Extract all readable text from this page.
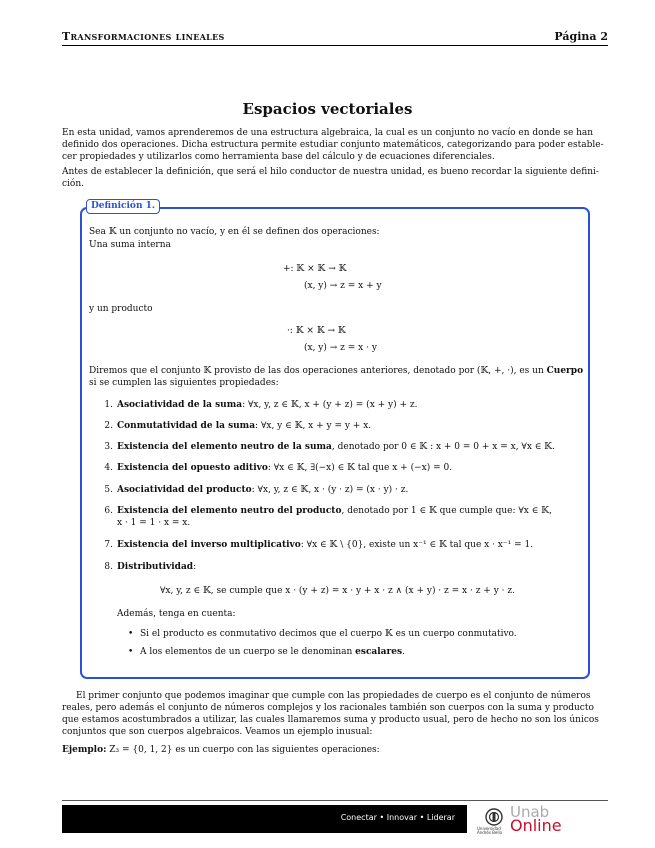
Transformaciones lineales	Página 2
Espacios vectoriales
En esta unidad, vamos aprenderemos de una estructura algebraica, la cual es un conjunto no vacío en donde se han
definido dos operaciones. Dicha estructura permite estudiar conjunto matemáticos, categorizando para poder estable-
cer propiedades y utilizarlos como herramienta base del cálculo y de ecuaciones diferenciales.
Antes de establecer la definición, que será el hilo conductor de nuestra unidad, es bueno recordar la siguiente defini-
ción.
Definición 1.
Sea 𝕂 un conjunto no vacío, y en él se definen dos operaciones:
Una suma interna
+: 𝕂 × 𝕂 → 𝕂
(x, y) → z = x + y
y un producto
·: 𝕂 × 𝕂 → 𝕂
(x, y) → z = x · y
Diremos que el conjunto 𝕂 provisto de las dos operaciones anteriores, denotado por (𝕂, +, ·), es un Cuerpo
si se cumplen las siguientes propiedades:
1. Asociatividad de la suma: ∀x, y, z ∈ 𝕂, x + (y + z) = (x + y) + z.
2. Conmutatividad de la suma: ∀x, y ∈ 𝕂, x + y = y + x.
3. Existencia del elemento neutro de la suma, denotado por 0 ∈ 𝕂 : x + 0 = 0 + x = x, ∀x ∈ 𝕂.
4. Existencia del opuesto aditivo: ∀x ∈ 𝕂, ∃(−x) ∈ 𝕂 tal que x + (−x) = 0.
5. Asociatividad del producto: ∀x, y, z ∈ 𝕂, x · (y · z) = (x · y) · z.
6. Existencia del elemento neutro del producto, denotado por 1 ∈ 𝕂 que cumple que: ∀x ∈ 𝕂,
x · 1 = 1 · x = x.
7. Existencia del inverso multiplicativo: ∀x ∈ 𝕂 \ {0}, existe un x⁻¹ ∈ 𝕂 tal que x · x⁻¹ = 1.
8. Distributividad:
∀x, y, z ∈ 𝕂, se cumple que x · (y + z) = x · y + x · z ∧ (x + y) · z = x · z + y · z.
Además, tenga en cuenta:
• Si el producto es conmutativo decimos que el cuerpo 𝕂 es un cuerpo conmutativo.
• A los elementos de un cuerpo se le denominan escalares.
El primer conjunto que podemos imaginar que cumple con las propiedades de cuerpo es el conjunto de números
reales, pero además el conjunto de números complejos y los racionales también son cuerpos con la suma y producto
que estamos acostumbrados a utilizar, las cuales llamaremos suma y producto usual, pero de hecho no son los únicos
conjuntos que son cuerpos algebraicos. Veamos un ejemplo inusual:
Ejemplo: Z₃ = {0, 1, 2} es un cuerpo con las siguientes operaciones:
Conectar • Innovar • Liderar
Universidad Andrés Bello
Unab
Online
